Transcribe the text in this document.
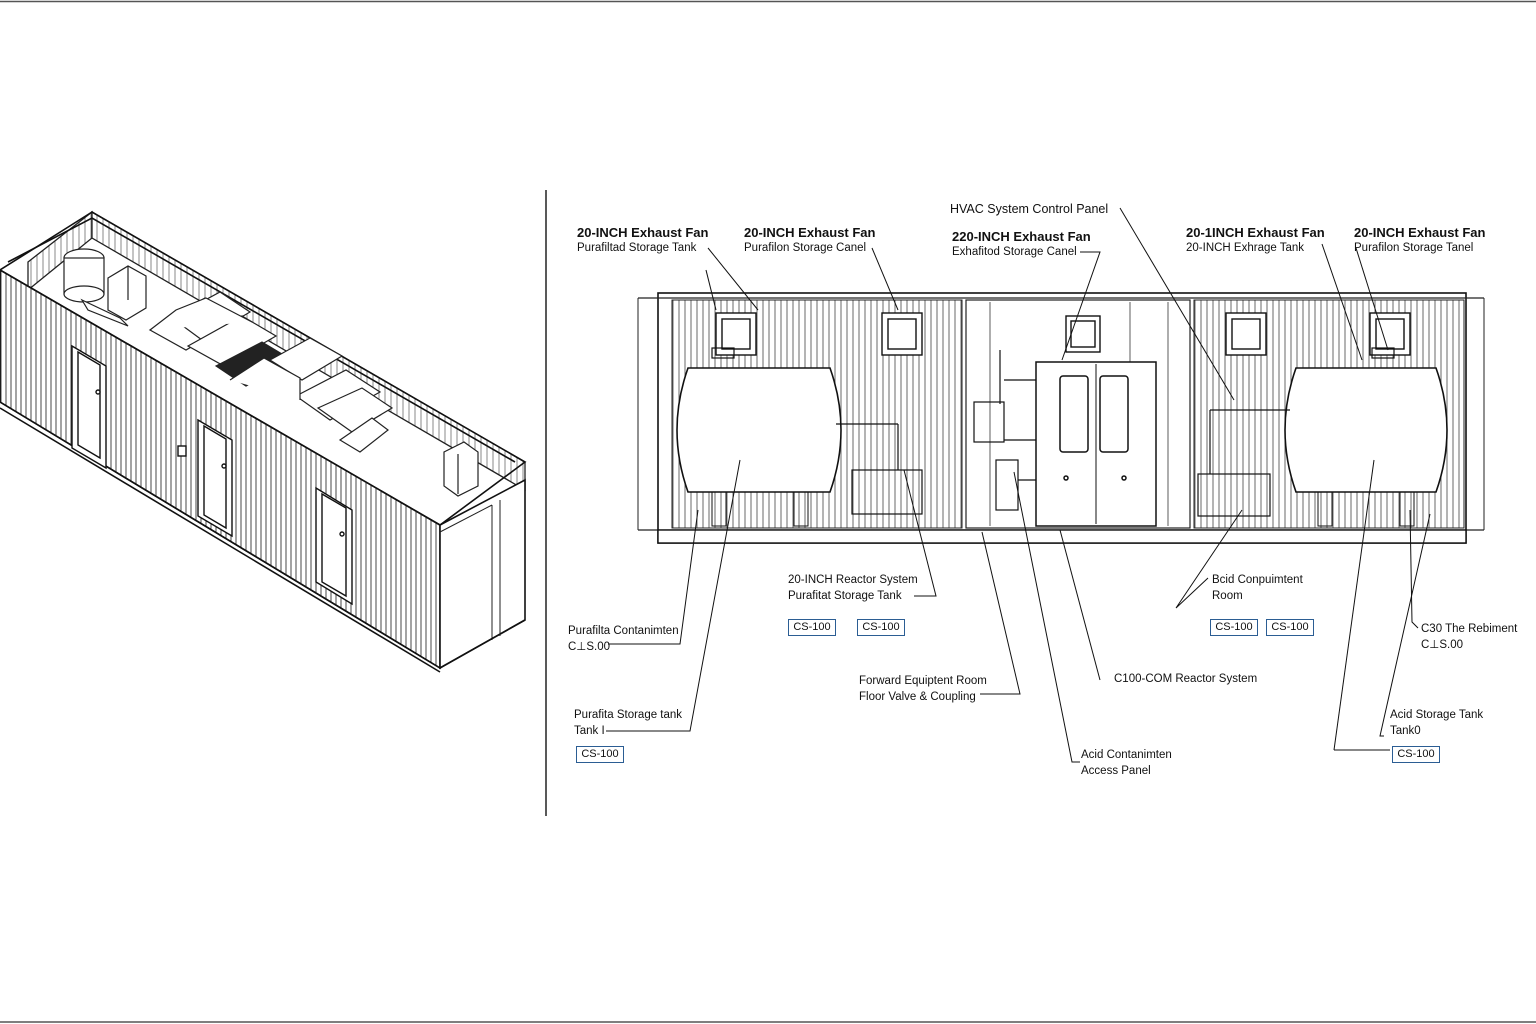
20-INCH Exhaust Fan
Purafiltad Storage Tank
20-INCH Exhaust Fan
Purafilon Storage Canel
HVAC System Control Panel
220-INCH Exhaust Fan
Exhafitod Storage Canel
20-1INCH Exhaust Fan
20-INCH Exhrage Tank
20-INCH Exhaust Fan
Purafilon Storage Tanel
20-INCH Reactor System
Purafitat Storage Tank
Bcid Conpuimtent
Room
Purafilta Contanimten
C⊥S.00
C30 The Rebiment
C⊥S.00
Forward Equiptent Room
Floor Valve & Coupling
C100-COM Reactor System
Purafita Storage tank
Tank I
Acid Storage Tank
Tank0
Acid Contanimten
Access Panel
CS-100	CS-100	CS-100	CS-100
CS-100	CS-100
